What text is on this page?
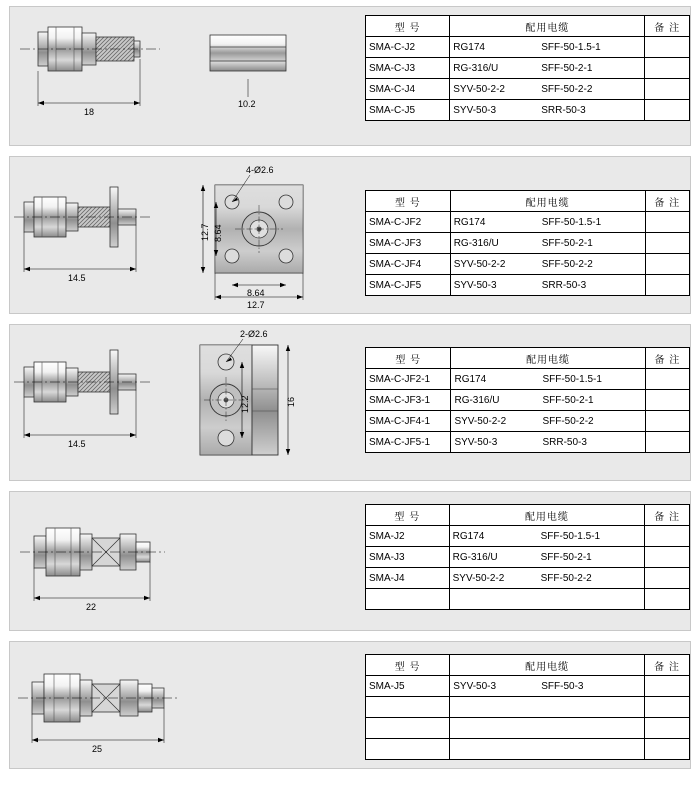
18
10.2
型 号	配用电缆	备 注
SMA-C-J2	RG174 SFF-50-1.5-1	
SMA-C-J3	RG-316/U SFF-50-2-1	
SMA-C-J4	SYV-50-2-2 SFF-50-2-2	
SMA-C-J5	SYV-50-3 SRR-50-3	
14.5
4-Ø2.6
12.7
12.7
8.64
8.64
型 号	配用电缆	备 注
SMA-C-JF2	RG174 SFF-50-1.5-1	
SMA-C-JF3	RG-316/U SFF-50-2-1	
SMA-C-JF4	SYV-50-2-2 SFF-50-2-2	
SMA-C-JF5	SYV-50-3 SRR-50-3	
14.5
2-Ø2.6
12.2	16
型 号	配用电缆	备 注
SMA-C-JF2-1	RG174 SFF-50-1.5-1	
SMA-C-JF3-1	RG-316/U SFF-50-2-1	
SMA-C-JF4-1	SYV-50-2-2 SFF-50-2-2	
SMA-C-JF5-1	SYV-50-3 SRR-50-3	
22
型 号	配用电缆	备 注
SMA-J2	RG174 SFF-50-1.5-1	
SMA-J3	RG-316/U SFF-50-2-1	
SMA-J4	SYV-50-2-2 SFF-50-2-2	

25
型 号	配用电缆	备 注
SMA-J5	SYV-50-3 SFF-50-3	
